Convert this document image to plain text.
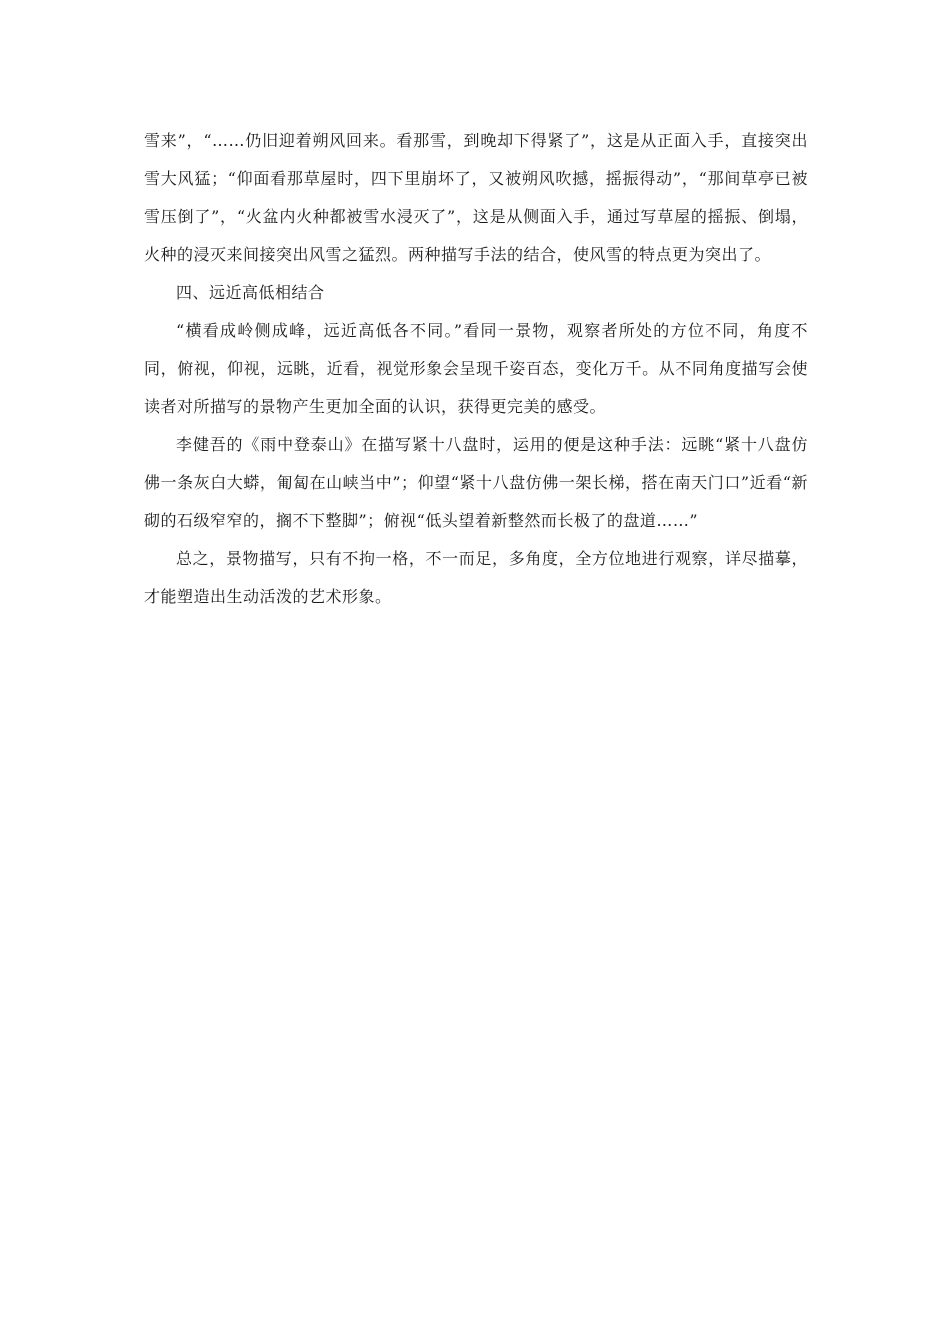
雪来”，“……仍旧迎着朔风回来。看那雪，到晚却下得紧了”，这是从正面入手，直接突出雪大风猛；“仰面看那草屋时，四下里崩坏了，又被朔风吹撼，摇振得动”，“那间草亭已被雪压倒了”，“火盆内火种都被雪水浸灭了”，这是从侧面入手，通过写草屋的摇振、倒塌，火种的浸灭来间接突出风雪之猛烈。两种描写手法的结合，使风雪的特点更为突出了。

四、远近高低相结合

“横看成岭侧成峰，远近高低各不同。”看同一景物，观察者所处的方位不同，角度不同，俯视，仰视，远眺，近看，视觉形象会呈现千姿百态，变化万千。从不同角度描写会使读者对所描写的景物产生更加全面的认识，获得更完美的感受。

李健吾的《雨中登泰山》在描写紧十八盘时，运用的便是这种手法：远眺“紧十八盘仿佛一条灰白大蟒，匍匐在山峡当中”；仰望“紧十八盘仿佛一架长梯，搭在南天门口”近看“新砌的石级窄窄的，搁不下整脚”；俯视“低头望着新整然而长极了的盘道……”

总之，景物描写，只有不拘一格，不一而足，多角度，全方位地进行观察，详尽描摹，才能塑造出生动活泼的艺术形象。
